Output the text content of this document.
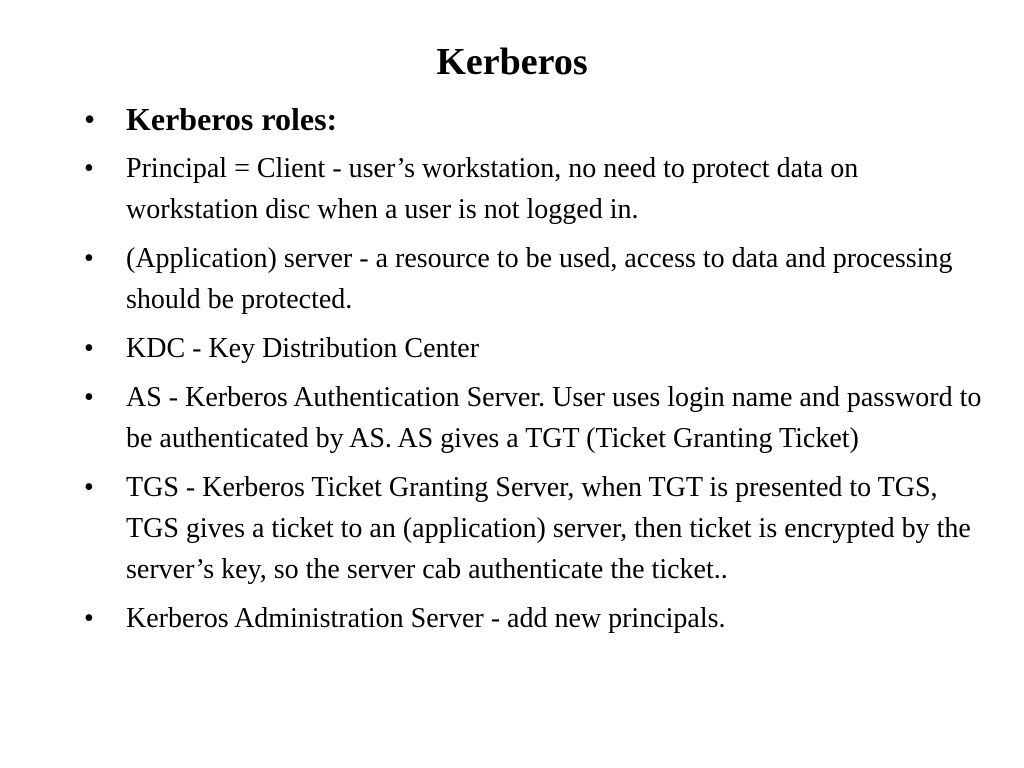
Kerberos
• Kerberos roles:
•	Principal = Client - user’s workstation, no need to protect data on workstation disc when a user is not logged in.
•	(Application) server - a resource to be used, access to data and processing should be protected.
•	KDC - Key Distribution Center
•	AS - Kerberos Authentication Server. User uses login name and password to be authenticated by AS. AS gives a TGT (Ticket Granting Ticket)
•	TGS - Kerberos Ticket Granting Server, when TGT is presented to TGS, TGS gives a ticket to an (application) server, then ticket is encrypted by the server’s key, so the server cab authenticate the ticket..
•	Kerberos Administration Server - add new principals.
